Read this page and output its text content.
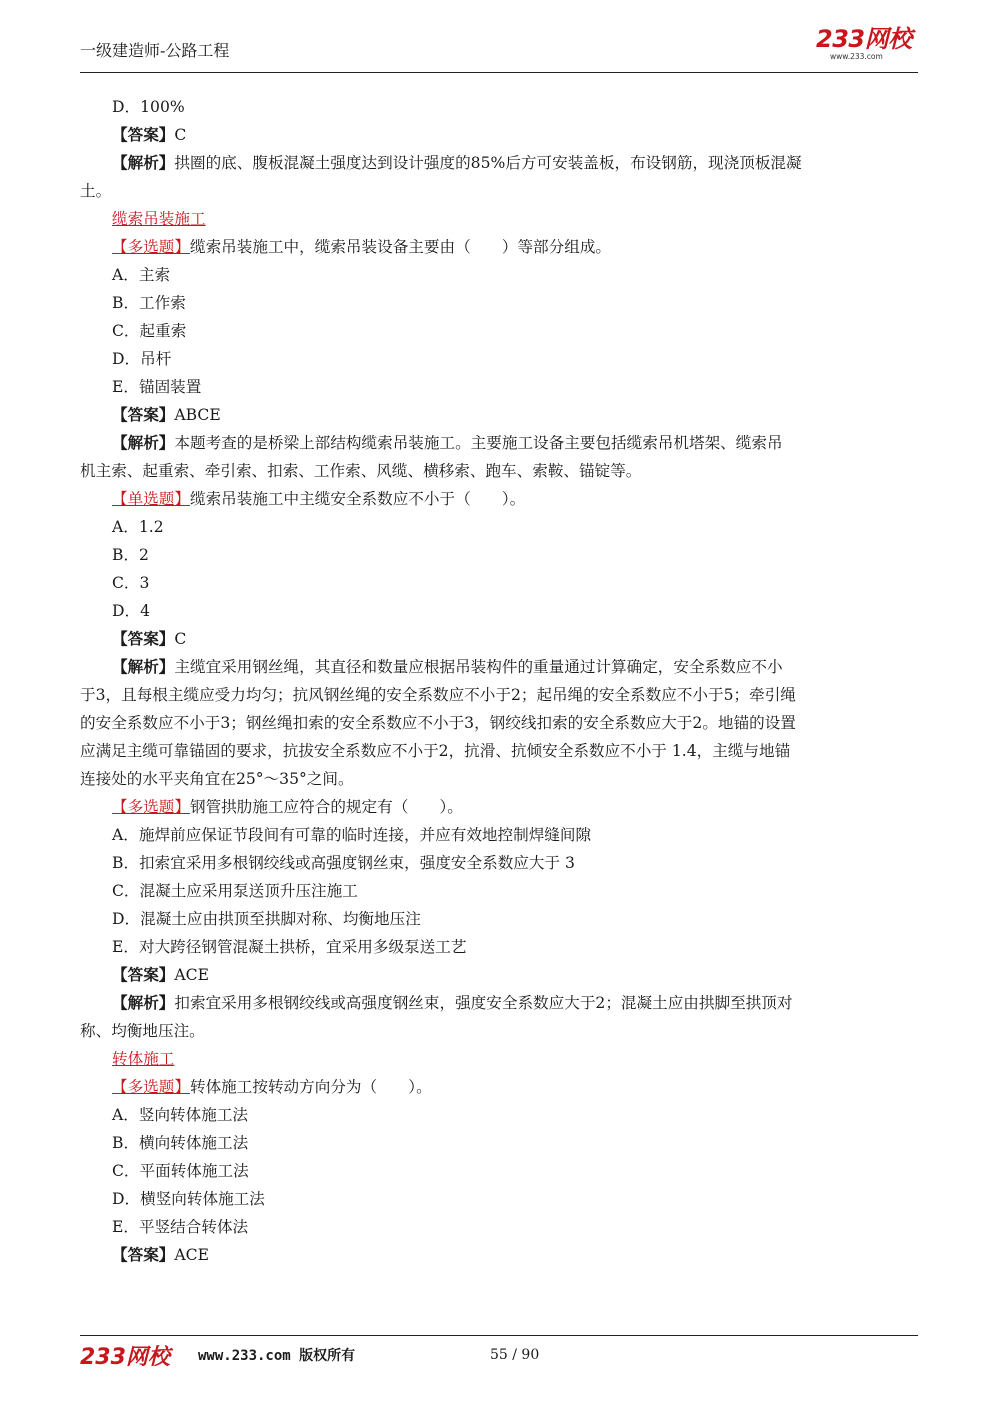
一级建造师-公路工程	233网校
www.233.com
D．100%
【答案】C
【解析】拱圈的底、腹板混凝土强度达到设计强度的85%后方可安装盖板，布设钢筋，现浇顶板混凝
土。
缆索吊装施工
【多选题】缆索吊装施工中，缆索吊装设备主要由（　　）等部分组成。
A．主索
B．工作索
C．起重索
D．吊杆
E．锚固装置
【答案】ABCE
【解析】本题考查的是桥梁上部结构缆索吊装施工。主要施工设备主要包括缆索吊机塔架、缆索吊
机主索、起重索、牵引索、扣索、工作索、风缆、横移索、跑车、索鞍、锚锭等。
【单选题】缆索吊装施工中主缆安全系数应不小于（　　）。
A．1.2
B．2
C．3
D．4
【答案】C
【解析】主缆宜采用钢丝绳，其直径和数量应根据吊装构件的重量通过计算确定，安全系数应不小
于3，且每根主缆应受力均匀；抗风钢丝绳的安全系数应不小于2；起吊绳的安全系数应不小于5；牵引绳
的安全系数应不小于3；钢丝绳扣索的安全系数应不小于3，钢绞线扣索的安全系数应大于2。地锚的设置
应满足主缆可靠锚固的要求，抗拔安全系数应不小于2，抗滑、抗倾安全系数应不小于 1.4，主缆与地锚
连接处的水平夹角宜在25°～35°之间。
【多选题】钢管拱肋施工应符合的规定有（　　）。
A．施焊前应保证节段间有可靠的临时连接，并应有效地控制焊缝间隙
B．扣索宜采用多根钢绞线或高强度钢丝束，强度安全系数应大于 3
C．混凝土应采用泵送顶升压注施工
D．混凝土应由拱顶至拱脚对称、均衡地压注
E．对大跨径钢管混凝土拱桥，宜采用多级泵送工艺
【答案】ACE
【解析】扣索宜采用多根钢绞线或高强度钢丝束，强度安全系数应大于2；混凝土应由拱脚至拱顶对
称、均衡地压注。
转体施工
【多选题】转体施工按转动方向分为（　　）。
A．竖向转体施工法
B．横向转体施工法
C．平面转体施工法
D．横竖向转体施工法
E．平竖结合转体法
【答案】ACE
233网校 www.233.com 版权所有	55 / 90
